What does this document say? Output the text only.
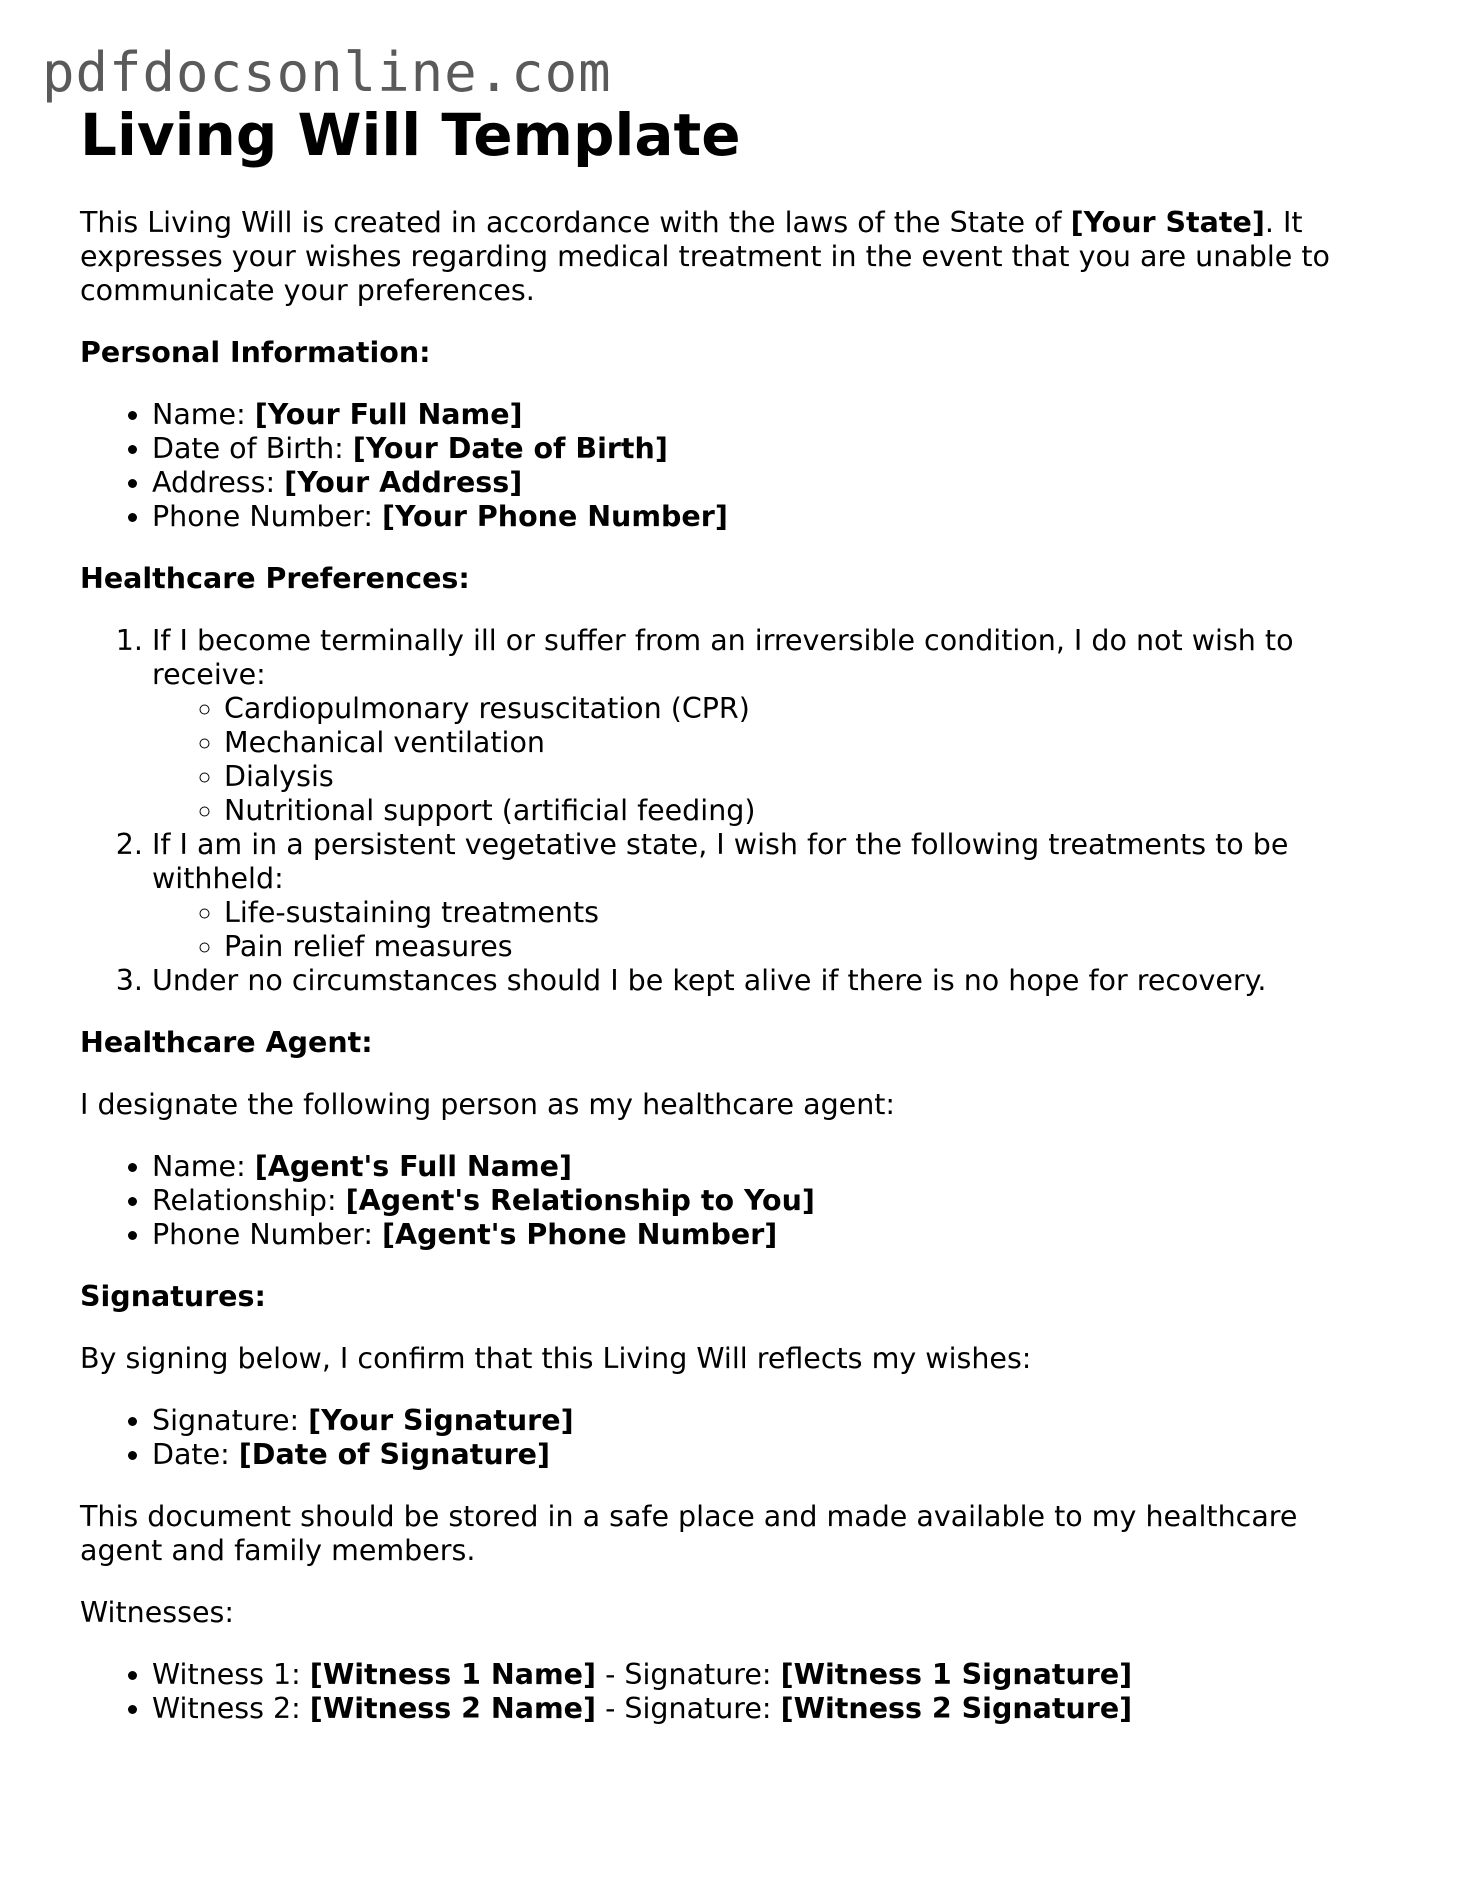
pdfdocsonline.com
Living Will Template

This Living Will is created in accordance with the laws of the State of [Your State]. It expresses your wishes regarding medical treatment in the event that you are unable to communicate your preferences.

Personal Information:
• Name: [Your Full Name]
• Date of Birth: [Your Date of Birth]
• Address: [Your Address]
• Phone Number: [Your Phone Number]
Healthcare Preferences:
1. If I become terminally ill or suffer from an irreversible condition, I do not wish to receive:
◦ Cardiopulmonary resuscitation (CPR)
◦ Mechanical ventilation
◦ Dialysis
◦ Nutritional support (artificial feeding)
2. If I am in a persistent vegetative state, I wish for the following treatments to be withheld:
◦ Life-sustaining treatments
◦ Pain relief measures
3. Under no circumstances should I be kept alive if there is no hope for recovery.
Healthcare Agent:

I designate the following person as my healthcare agent:

• Name: [Agent's Full Name]
• Relationship: [Agent's Relationship to You]
• Phone Number: [Agent's Phone Number]
Signatures:

By signing below, I confirm that this Living Will reflects my wishes:

• Signature: [Your Signature]
• Date: [Date of Signature]

This document should be stored in a safe place and made available to my healthcare agent and family members.

Witnesses:

• Witness 1: [Witness 1 Name] - Signature: [Witness 1 Signature]
• Witness 2: [Witness 2 Name] - Signature: [Witness 2 Signature]
